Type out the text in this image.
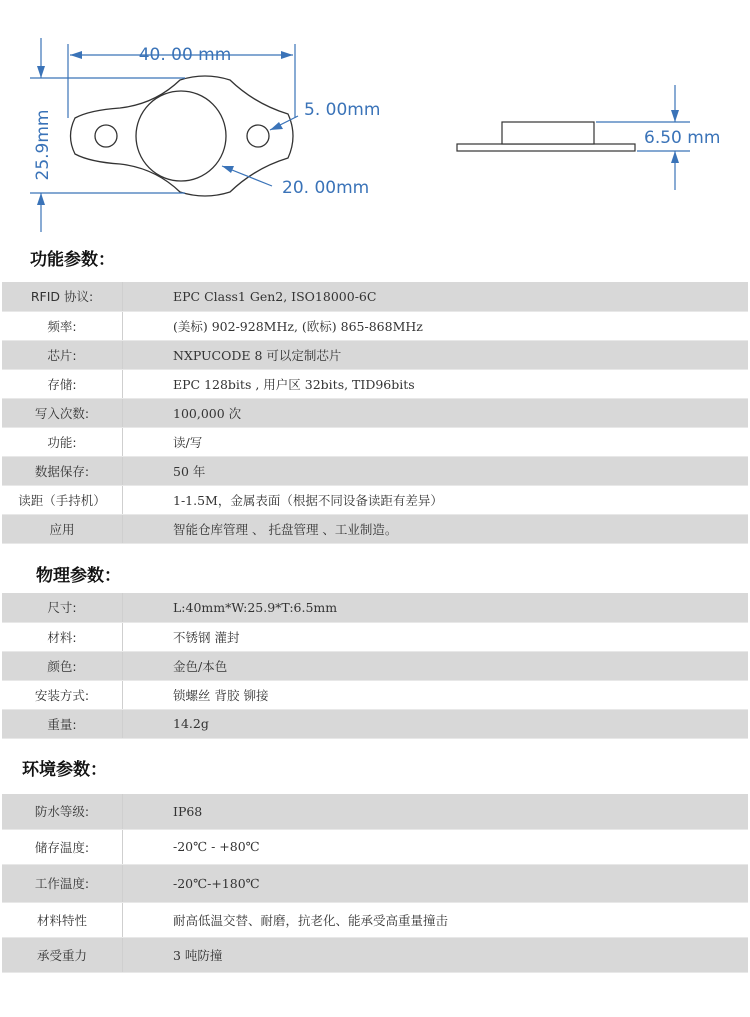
40. 00 mm
25.9mm	5. 00mm
20. 00mm
6.50 mm
功能参数：
RFID 协议:	EPC Class1 Gen2, ISO18000-6C
频率:	(美标) 902-928MHz, (欧标) 865-868MHz
芯片:	NXPUCODE 8 可以定制芯片
存储:	EPC 128bits , 用户区 32bits, TID96bits
写入次数:	100,000 次
功能:	读/写
数据保存:	50 年
读距（手持机）	1-1.5M，金属表面（根据不同设备读距有差异）
应用	智能仓库管理 、 托盘管理 、工业制造。
物理参数：
尺寸:	L:40mm*W:25.9*T:6.5mm
材料:	不锈钢 灌封
颜色:	金色/本色
安装方式:	锁螺丝 背胶 铆接
重量:	14.2g
环境参数：
防水等级:	IP68
储存温度:	-20℃ - +80℃
工作温度:	-20℃-+180℃
材料特性	耐高低温交替、耐磨，抗老化、能承受高重量撞击
承受重力	3 吨防撞
